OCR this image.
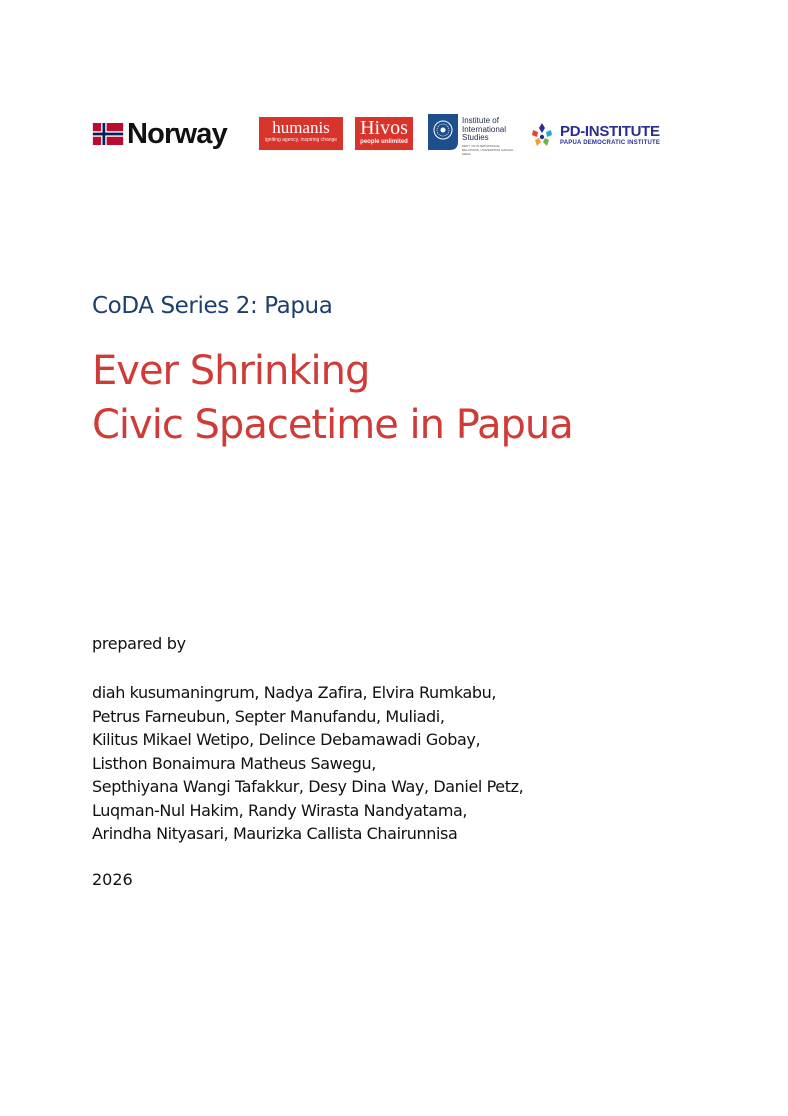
Norway	humanis
igniting agency, inspiring change
Hivos
people unlimited
Institute of International Studies
DEPT. OF INTERNATIONAL RELATIONS, UNIVERSITAS GADJAH MADA
PD-INSTITUTE
PAPUA DEMOCRATIC INSTITUTE
CoDA Series 2: Papua
Ever Shrinking
Civic Spacetime in Papua

prepared by

diah kusumaningrum, Nadya Zafira, Elvira Rumkabu,
Petrus Farneubun, Septer Manufandu, Muliadi,
Kilitus Mikael Wetipo, Delince Debamawadi Gobay,
Listhon Bonaimura Matheus Sawegu,
Septhiyana Wangi Tafakkur, Desy Dina Way, Daniel Petz,
Luqman-Nul Hakim, Randy Wirasta Nandyatama,
Arindha Nityasari, Maurizka Callista Chairunnisa

2026
